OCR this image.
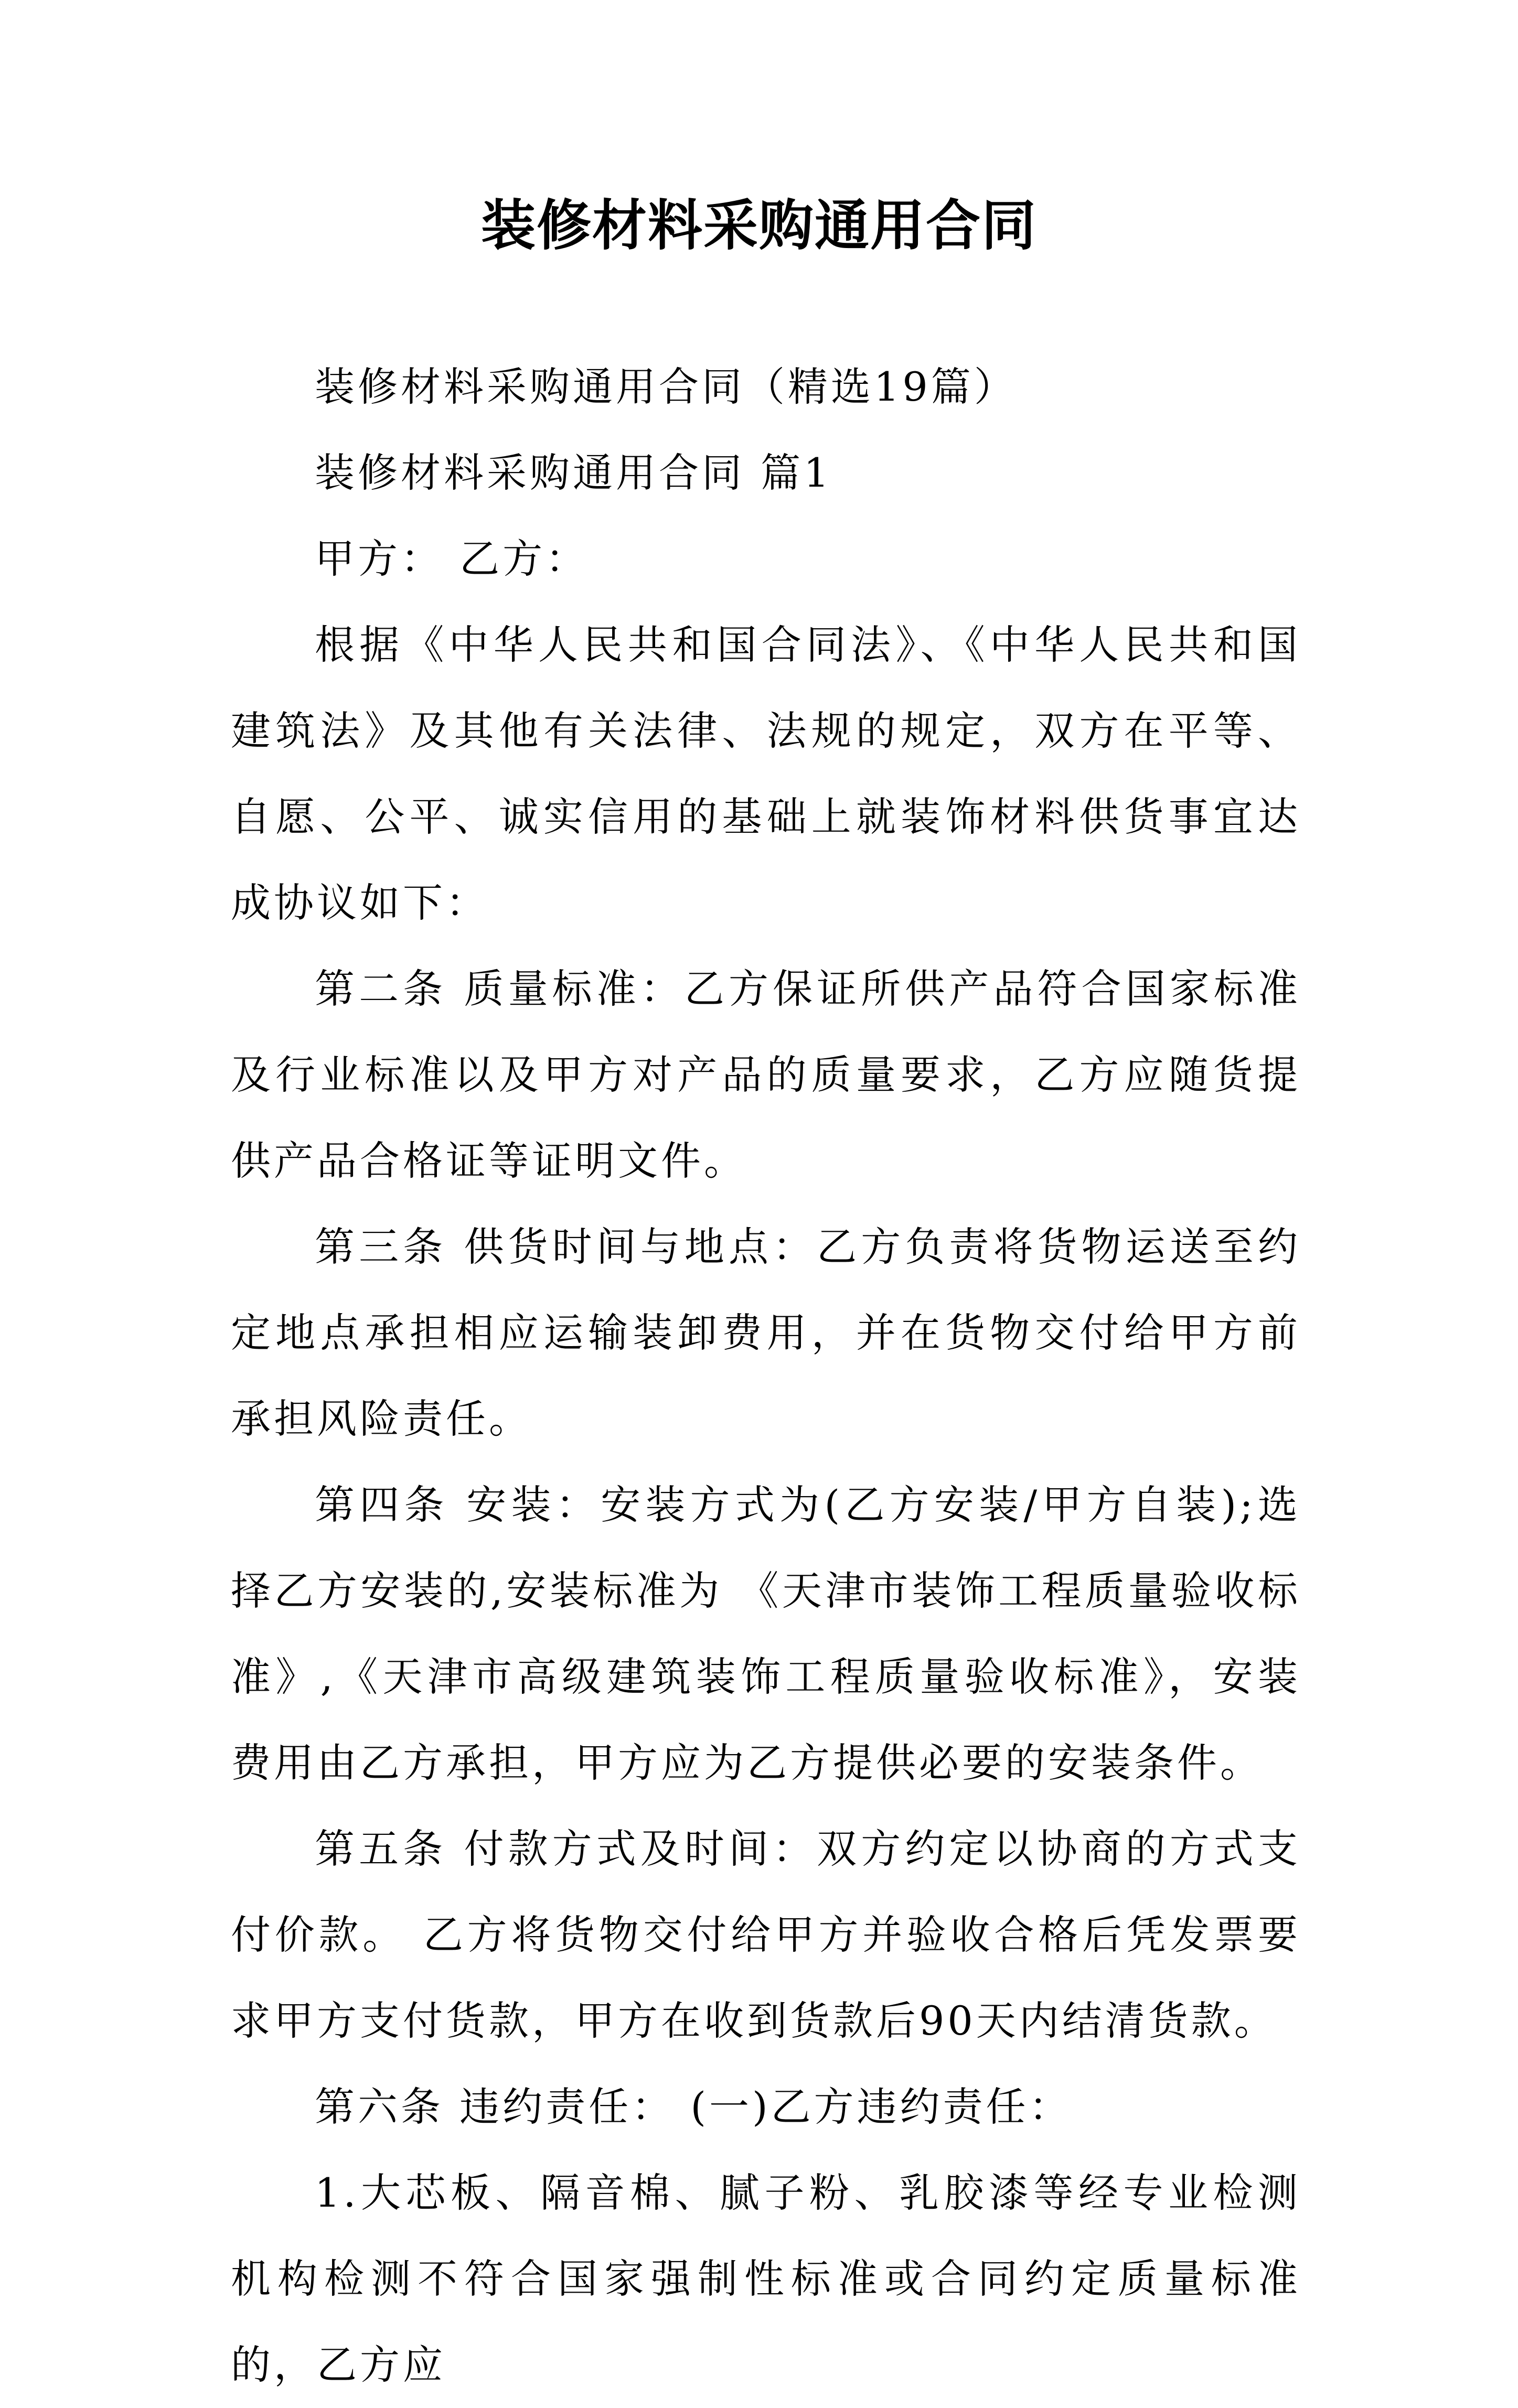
装修材料采购通用合同

装修材料采购通用合同（精选19篇）

装修材料采购通用合同 篇1

甲方： 乙方：

根据《中华人民共和国合同法》、《中华人民共和国建筑法》及其他有关法律、法规的规定，双方在平等、自愿、公平、诚实信用的基础上就装饰材料供货事宜达成协议如下：

第二条 质量标准：乙方保证所供产品符合国家标准及行业标准以及甲方对产品的质量要求，乙方应随货提供产品合格证等证明文件。

第三条 供货时间与地点：乙方负责将货物运送至约定地点承担相应运输装卸费用，并在货物交付给甲方前承担风险责任。

第四条 安装：安装方式为(乙方安装/甲方自装);选择乙方安装的,安装标准为 《天津市装饰工程质量验收标准》,《天津市高级建筑装饰工程质量验收标准》，安装费用由乙方承担，甲方应为乙方提供必要的安装条件。

第五条 付款方式及时间：双方约定以协商的方式支付价款。 乙方将货物交付给甲方并验收合格后凭发票要求甲方支付货款，甲方在收到货款后90天内结清货款。

第六条 违约责任： (一)乙方违约责任：

1.大芯板、隔音棉、腻子粉、乳胶漆等经专业检测机构检测不符合国家强制性标准或合同约定质量标准的，乙方应
